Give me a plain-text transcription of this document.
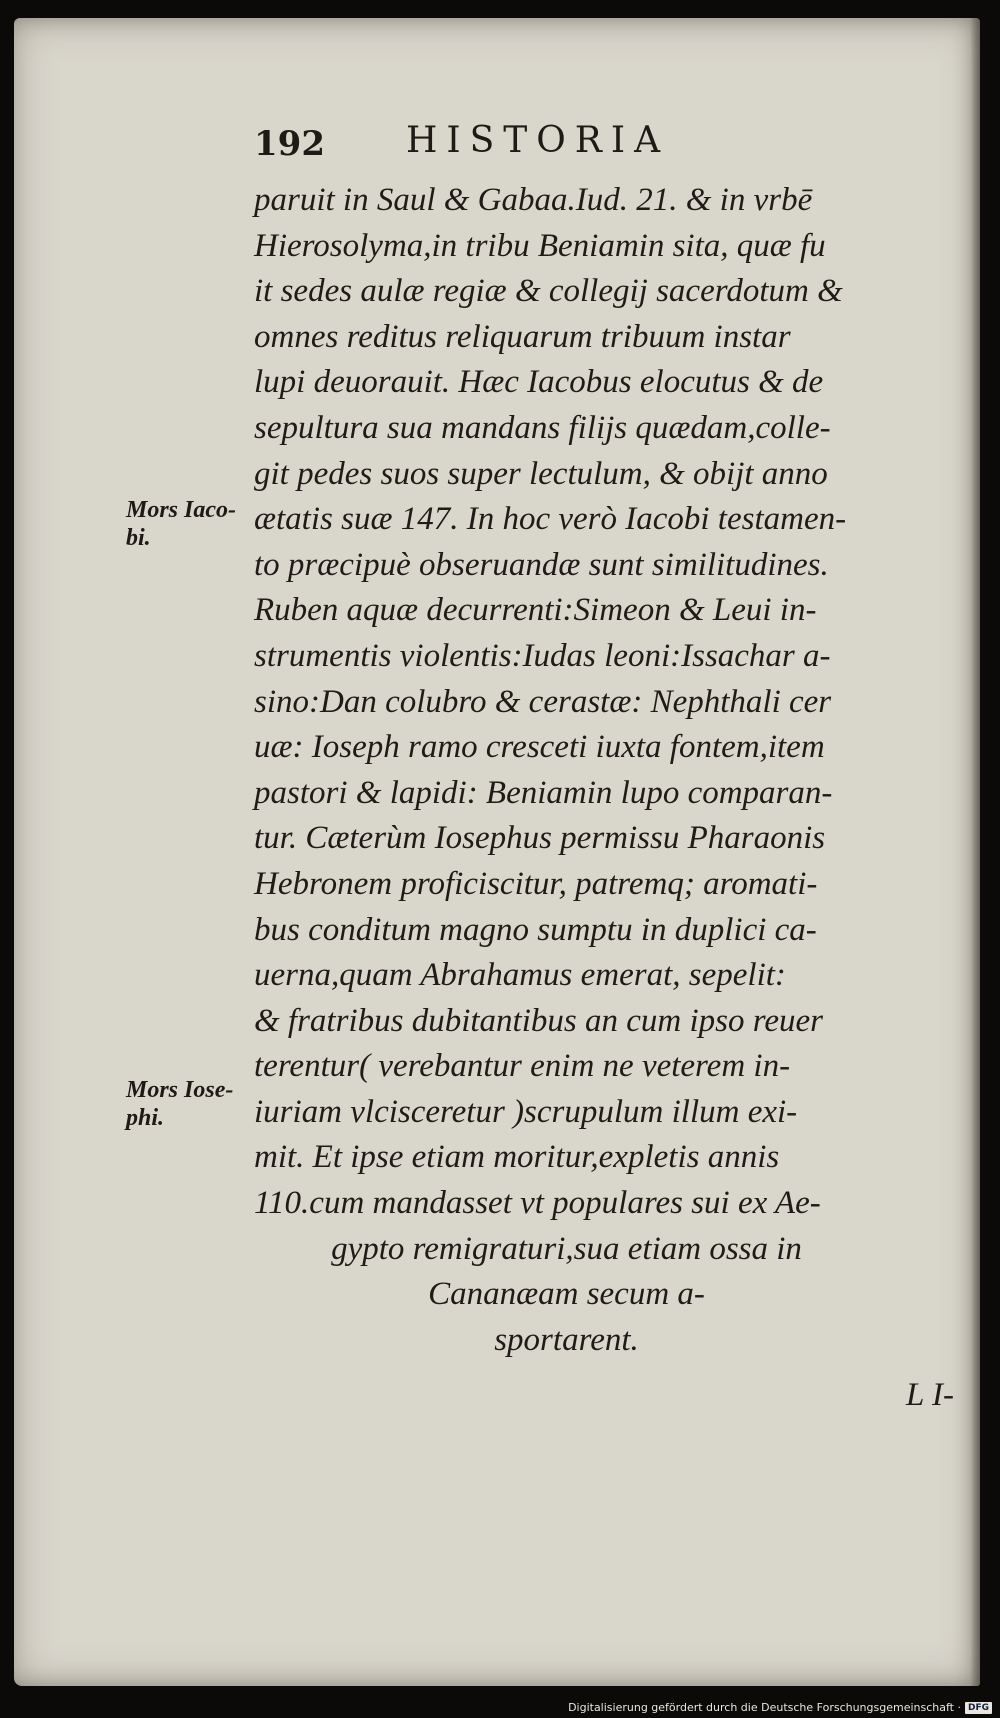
192 HISTORIA
Mors Iaco-
bi.
Mors Iose-
phi.
paruit in Saul & Gabaa.Iud. 21. & in vrbē
Hierosolyma,in tribu Beniamin sita, quæ fu
it sedes aulæ regiæ & collegij sacerdotum &
omnes reditus reliquarum tribuum instar
lupi deuorauit. Hæc Iacobus elocutus & de
sepultura sua mandans filijs quædam,colle-
git pedes suos super lectulum, & obijt anno
ætatis suæ 147. In hoc verò Iacobi testamen-
to præcipuè obseruandæ sunt similitudines.
Ruben aquæ decurrenti:Simeon & Leui in-
strumentis violentis:Iudas leoni:Issachar a-
sino:Dan colubro & cerastæ: Nephthali cer
uæ: Ioseph ramo cresceti iuxta fontem,item
pastori & lapidi: Beniamin lupo comparan-
tur. Cæterùm Iosephus permissu Pharaonis
Hebronem proficiscitur, patremq; aromati-
bus conditum magno sumptu in duplici ca-
uerna,quam Abrahamus emerat, sepelit:
& fratribus dubitantibus an cum ipso reuer
terentur( verebantur enim ne veterem in-
iuriam vlcisceretur )scrupulum illum exi-
mit. Et ipse etiam moritur,expletis annis
110.cum mandasset vt populares sui ex Ae-
gypto remigraturi,sua etiam ossa in
Cananæam secum a-
sportarent.
L I-
Digitalisierung gefördert durch die Deutsche Forschungsgemeinschaft · DFG
